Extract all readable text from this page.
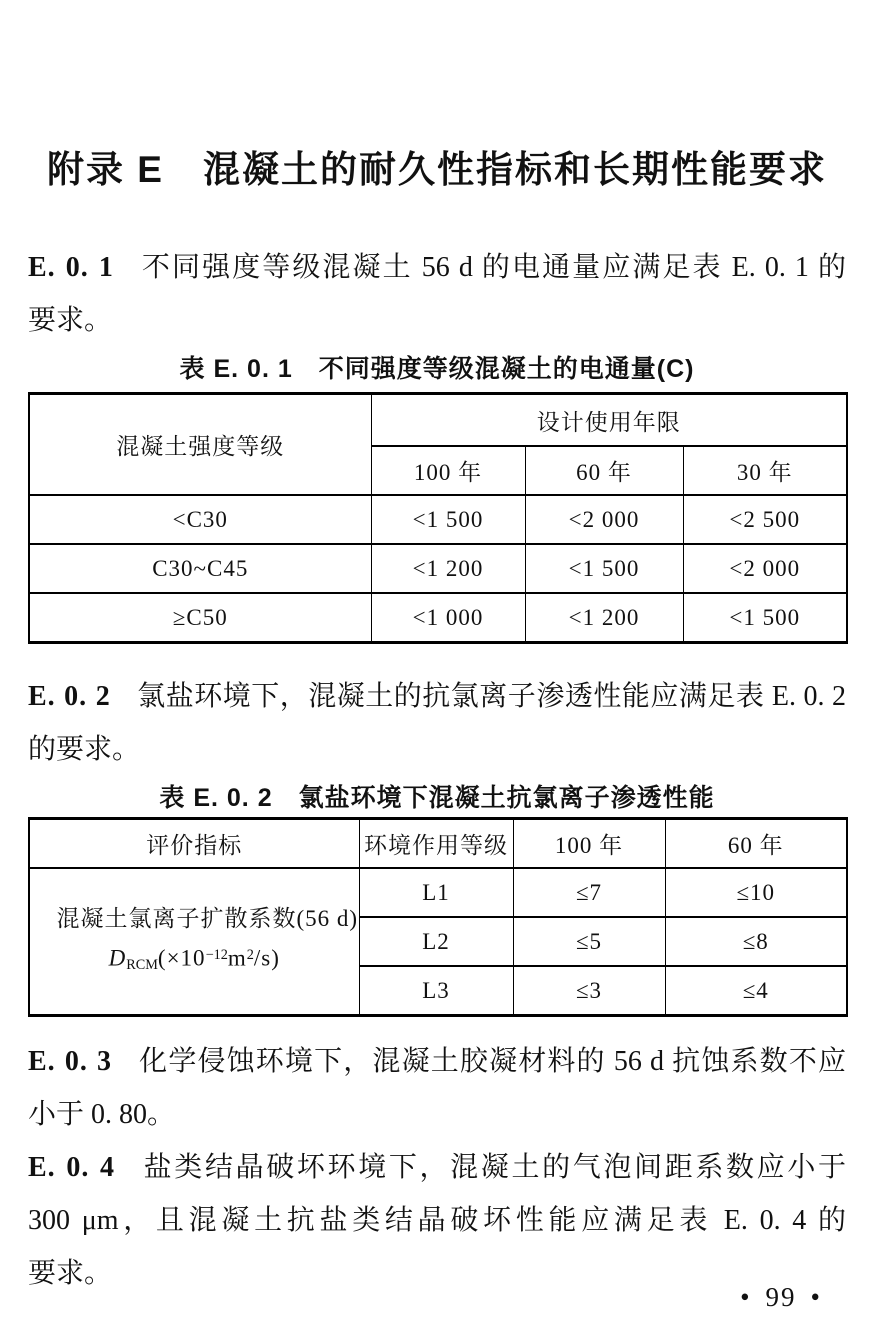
附录 E　混凝土的耐久性指标和长期性能要求
E. 0. 1 不同强度等级混凝土 56 d 的电通量应满足表 E. 0. 1 的
要求。
表 E. 0. 1　不同强度等级混凝土的电通量(C)
混凝土强度等级	设计使用年限		
	100 年	60 年	30 年
<C30	<1 500	<2 000	<2 500
C30~C45	<1 200	<1 500	<2 000
≥C50	<1 000	<1 200	<1 500
E. 0. 2 氯盐环境下，混凝土的抗氯离子渗透性能应满足表 E. 0. 2
的要求。
表 E. 0. 2　氯盐环境下混凝土抗氯离子渗透性能
评价指标	环境作用等级	100 年	60 年

混凝土氯离子扩散系数(56 d)
$D_{RCM}(\times 10^{-12}m^2/s)$	L1	≤7	≤10
	L2	≤5	≤8
	L3	≤3	≤4
E. 0. 3 化学侵蚀环境下，混凝土胶凝材料的 56 d 抗蚀系数不应
小于 0. 80。
E. 0. 4 盐类结晶破坏环境下，混凝土的气泡间距系数应小于
300 μm，且混凝土抗盐类结晶破坏性能应满足表 E. 0. 4 的
要求。
• 99 •
